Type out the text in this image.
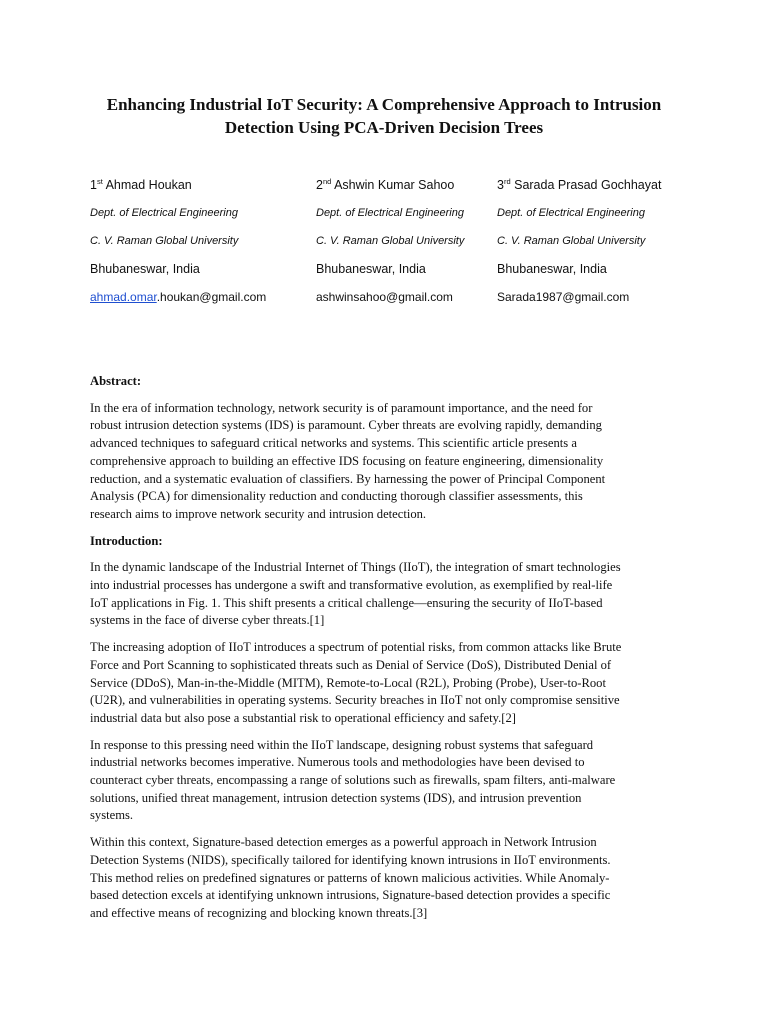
Enhancing Industrial IoT Security: A Comprehensive Approach to Intrusion
Detection Using PCA-Driven Decision Trees
1st Ahmad Houkan
Dept. of Electrical Engineering
C. V. Raman Global University
Bhubaneswar, India
ahmad.omar.houkan@gmail.com
2nd Ashwin Kumar Sahoo
Dept. of Electrical Engineering
C. V. Raman Global University
Bhubaneswar, India
ashwinsahoo@gmail.com
3rd Sarada Prasad Gochhayat
Dept. of Electrical Engineering
C. V. Raman Global University
Bhubaneswar, India
Sarada1987@gmail.com
Abstract:
In the era of information technology, network security is of paramount importance, and the need for
robust intrusion detection systems (IDS) is paramount. Cyber threats are evolving rapidly, demanding
advanced techniques to safeguard critical networks and systems. This scientific article presents a
comprehensive approach to building an effective IDS focusing on feature engineering, dimensionality
reduction, and a systematic evaluation of classifiers. By harnessing the power of Principal Component
Analysis (PCA) for dimensionality reduction and conducting thorough classifier assessments, this
research aims to improve network security and intrusion detection.
Introduction:
In the dynamic landscape of the Industrial Internet of Things (IIoT), the integration of smart technologies
into industrial processes has undergone a swift and transformative evolution, as exemplified by real-life
IoT applications in Fig. 1. This shift presents a critical challenge—ensuring the security of IIoT-based
systems in the face of diverse cyber threats.[1]
The increasing adoption of IIoT introduces a spectrum of potential risks, from common attacks like Brute
Force and Port Scanning to sophisticated threats such as Denial of Service (DoS), Distributed Denial of
Service (DDoS), Man-in-the-Middle (MITM), Remote-to-Local (R2L), Probing (Probe), User-to-Root
(U2R), and vulnerabilities in operating systems. Security breaches in IIoT not only compromise sensitive
industrial data but also pose a substantial risk to operational efficiency and safety.[2]
In response to this pressing need within the IIoT landscape, designing robust systems that safeguard
industrial networks becomes imperative. Numerous tools and methodologies have been devised to
counteract cyber threats, encompassing a range of solutions such as firewalls, spam filters, anti-malware
solutions, unified threat management, intrusion detection systems (IDS), and intrusion prevention
systems.
Within this context, Signature-based detection emerges as a powerful approach in Network Intrusion
Detection Systems (NIDS), specifically tailored for identifying known intrusions in IIoT environments.
This method relies on predefined signatures or patterns of known malicious activities. While Anomaly-
based detection excels at identifying unknown intrusions, Signature-based detection provides a specific
and effective means of recognizing and blocking known threats.[3]
